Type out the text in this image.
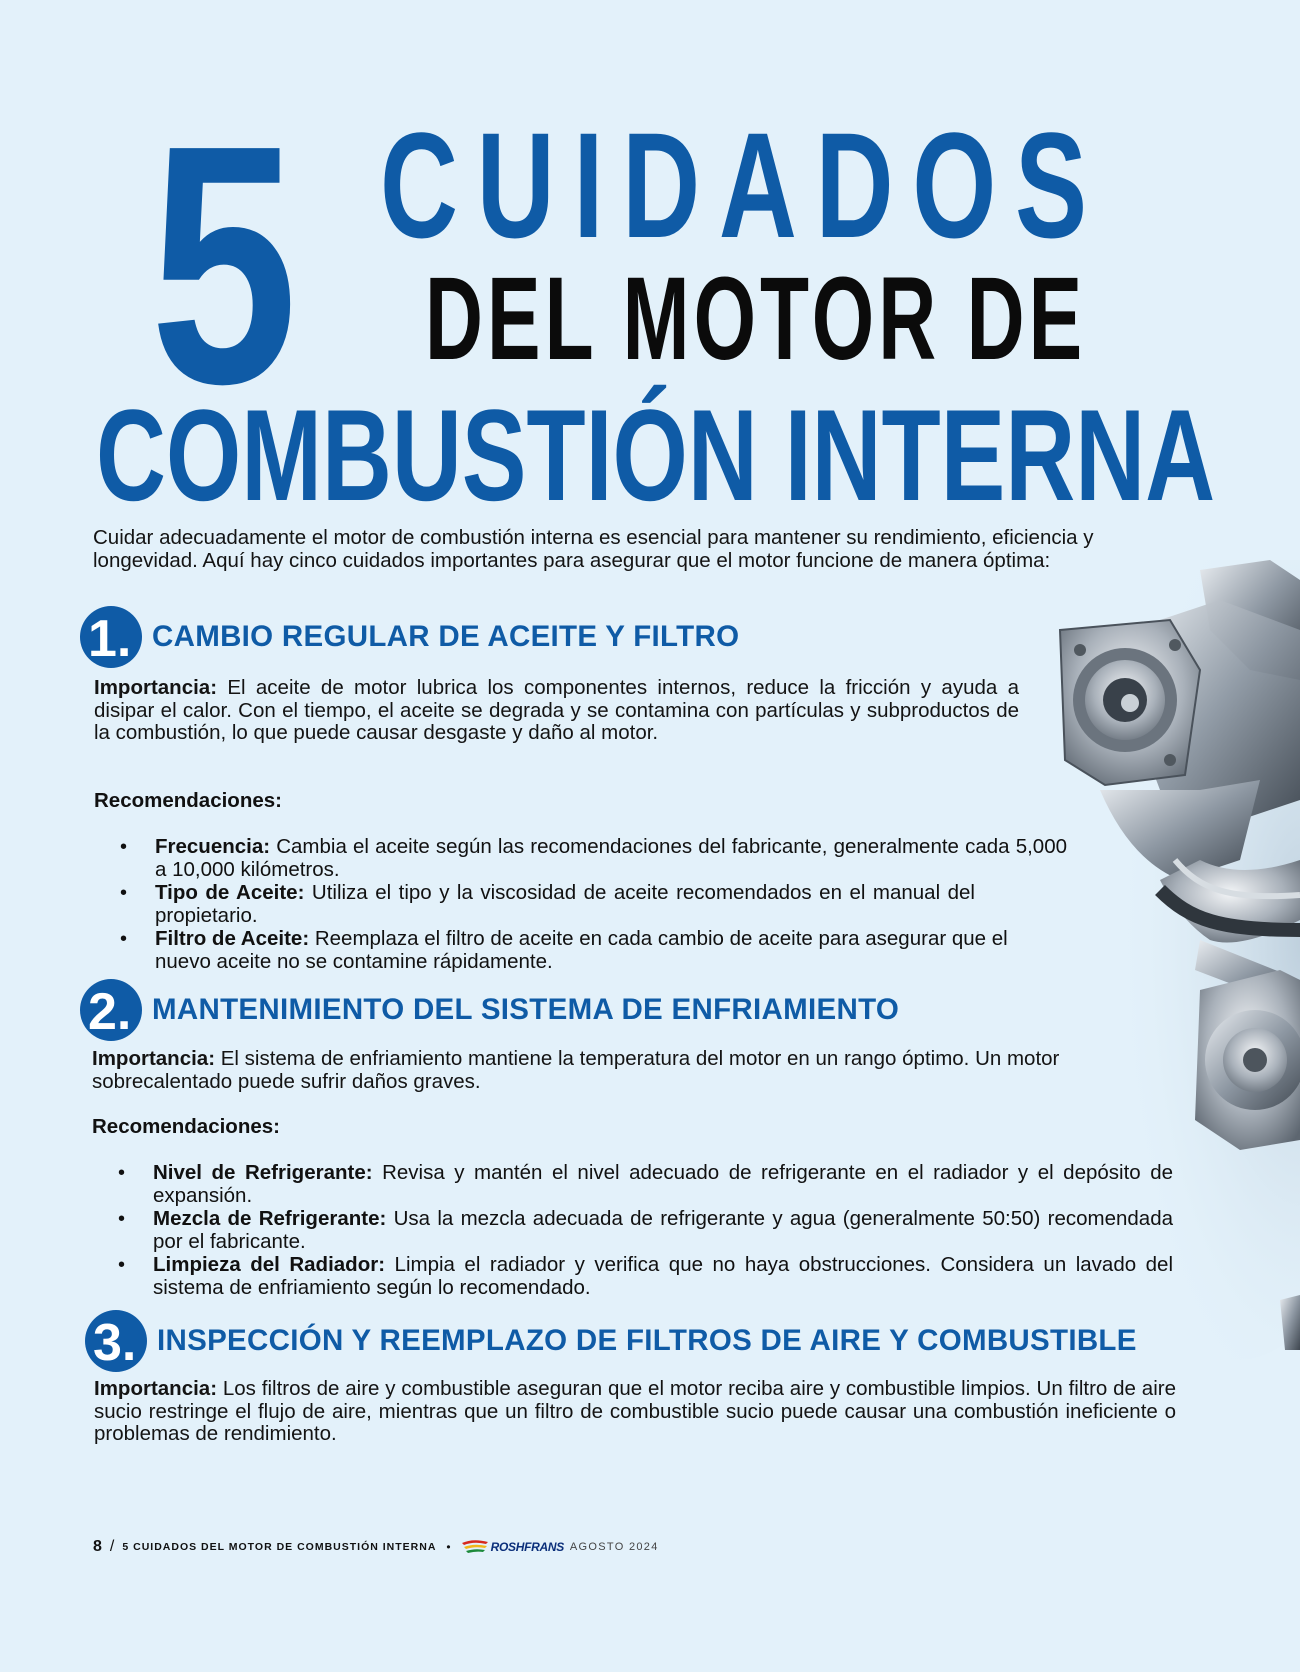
5 CUIDADOS
DEL MOTOR DE
COMBUSTIÓN INTERNA
Cuidar adecuadamente el motor de combustión interna es esencial para mantener su rendimiento, eficiencia y longevidad. Aquí hay cinco cuidados importantes para asegurar que el motor funcione de manera óptima:
1. CAMBIO REGULAR DE ACEITE Y FILTRO
Importancia: El aceite de motor lubrica los componentes internos, reduce la fricción y ayuda a disipar el calor. Con el tiempo, el aceite se degrada y se contamina con partículas y subproductos de la combustión, lo que puede causar desgaste y daño al motor.
Recomendaciones:
• Frecuencia: Cambia el aceite según las recomendaciones del fabricante, generalmente cada 5,000 a 10,000 kilómetros.
• Tipo de Aceite: Utiliza el tipo y la viscosidad de aceite recomendados en el manual del propietario.
• Filtro de Aceite: Reemplaza el filtro de aceite en cada cambio de aceite para asegurar que el nuevo aceite no se contamine rápidamente.
2. MANTENIMIENTO DEL SISTEMA DE ENFRIAMIENTO
Importancia: El sistema de enfriamiento mantiene la temperatura del motor en un rango óptimo. Un motor sobrecalentado puede sufrir daños graves.
Recomendaciones:
• Nivel de Refrigerante: Revisa y mantén el nivel adecuado de refrigerante en el radiador y el depósito de expansión.
• Mezcla de Refrigerante: Usa la mezcla adecuada de refrigerante y agua (generalmente 50:50) recomendada por el fabricante.
• Limpieza del Radiador: Limpia el radiador y verifica que no haya obstrucciones. Considera un lavado del sistema de enfriamiento según lo recomendado.
3. INSPECCIÓN Y REEMPLAZO DE FILTROS DE AIRE Y COMBUSTIBLE
Importancia: Los filtros de aire y combustible aseguran que el motor reciba aire y combustible limpios. Un filtro de aire sucio restringe el flujo de aire, mientras que un filtro de combustible sucio puede causar una combustión ineficiente o problemas de rendimiento.
8 / 5 CUIDADOS DEL MOTOR DE COMBUSTIÓN INTERNA •	ROSHFRANS AGOSTO 2024
